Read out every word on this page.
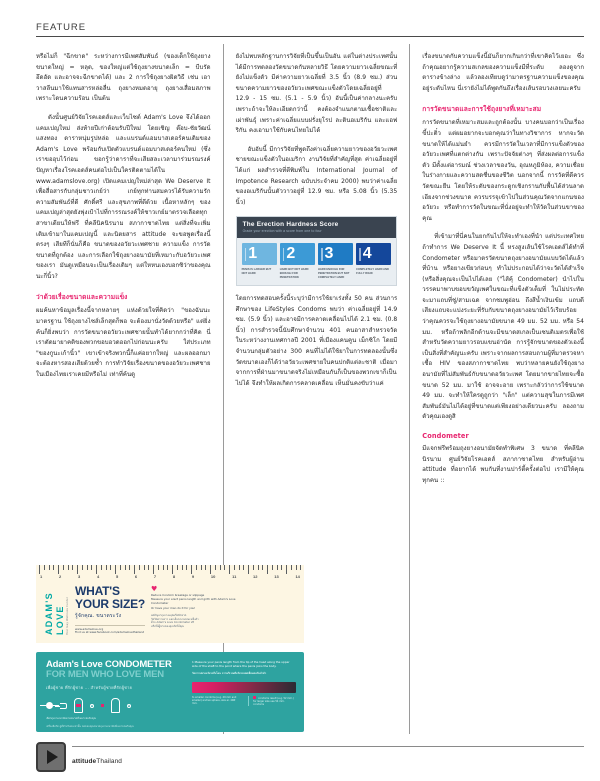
FEATURE

หรือไม่ก็ "ฉีกขาด" ระหว่างการมีเพศสัมพันธ์ (ของเด็กใช้ถุงยางขนาดใหญ่ = หลุด, ของใหญ่แต่ใช้ถุงยางขนาดเล็ก = บีบรัด อึดอัด และอาจจะฉีกขาดได้) และ 2 การใช้ถุงยางผิดวิธี เช่น เอาวาสลีนมาใช้แทนสารหล่อลื่น ถุงยางหมดอายุ ถุงยางเสื่อมสภาพเพราะโดนความร้อน เป็นต้น

ดังนั้นศูนย์วิจัยโรคเอดส์และเว็บไซต์ Adam's Love จึงได้ออกแคมเปญใหม่ ส่งท้ายปีเก่าต้อนรับปีใหม่ โดยเชิญ ต๊อบ-ชัยวัฒน์ แสงทอง ดาราหนุ่มรูปหล่อ และแบรนด์แอมบาสเดอร์คนเดิมของ Adam's Love พร้อมกับเปิดตัวแบรนด์แอมบาสเดอร์คนใหม่ (ซึ่งเราขออุบไว้ก่อน ขอกรู้ว่าดาราที่จะเสียสละเวลามาร่วมรณรงค์ปัญหาเรื่องโรคเอดส์คนต่อไปเป็นใครติดตามได้ใน www.adamslove.org) เปิดแคมเปญใหม่ล่าสุด We Deserve It เพื่อสื่อสารกับกลุ่มชาวเกย์ว่า เกย์ทุกท่านสมควรได้รับความรัก ความสัมพันธ์ที่ดี ศักดิ์ศรี และสุขภาพที่ดีด้วย เนื้อหาหลักๆ ของแคมเปญล่าสุดยังพุ่งเป้าไปที่การรณรงค์ให้ชาวเกย์มาตรวจเลือดทุกสาขาเดียนให้ฟรี ที่คลีนิคนิรนาม สภากาชาดไทย แต่สิ่งที่จะเพิ่มเติมเข้ามาในแคมเปญนี้ และนิตยสาร attitude จะขอพูดเรื่องนี้ตรงๆ เสียทีก็นั่นก็คือ ขนาดของอวัยวะเพศชาย ความแข็ง การวัดขนาดที่ถูกต้อง และการเลือกใช้ถุงยางอนามัยที่เหมาะกับอวัยวะเพศของเรา มันดูเหมือนจะเป็นเรื่องเดิมๆ แต่ใหหนเองบอกซิว่าของคุณนะกี่นิ้ว?

ว่าด้วยเรื่องขนาดและความแข็ง

ผมค้นหาข้อมูลเรื่องนี้จากหลายๆ แห่งด้วยใจที่คิดว่า "ของฉันนะมาตรฐาน ใช้ถุงยางไซส์เล็กสุดก็พอ จะต้องมานั่งวัดด้วยหรือ" แต่ยิ่งค้นก็ยิ่งพบว่า การวัดขนาดอวัยวะเพศชายนั้นทำได้ยากกว่าที่คิด นี่เราตัดมายาคติของพวกขอบอวดออกไปก่อนนะครับ ใส่ประเภท "ของกูนะเก้านิ้ว" เขาเข้าจริงพวกนี้ก็แค่อยากใหญ่ และผลออกมาจะต้องหารสองเสียด้วยซ้ำ การทำวิจัยเรื่องขนาดของอวัยวะเพศชายในเมืองไทยเราเคยมีหรือไม่ เท่าที่ค้นดู

ยังไม่พบหลักฐานการวิจัยที่เป็นขึ้นเป็นอัน แต่ในต่างประเทศนั้น ได้มีการทดลองวัดขนาดกันหลายวิธี โดยความยาวเฉลี่ยขณะที่ยังไม่แข็งตัว มีค่าความยาวเฉลี่ยที่ 3.5 นิ้ว (8.9 ซม.) ส่วนขนาดความยาวของอวัยวะเพศขณะแข็งตัวโดยเฉลี่ยอยู่ที่ 12.9 - 15 ซม. (5.1 - 5.9 นิ้ว) อันนี้เป็นค่ากลางนะครับ เพราะถ้าจะให้ละเอียดกว่านี้ คงต้องจำแนกตามเชื้อชาติและเผ่าพันธุ์ เพราะค่าเฉลี่ยแบบฝรั่งยุโรป ละตินอเมริกัน และแอฟริกัน คงเอามาใช้กับคนไทยไม่ได้

อับอับนี้ มีการวิจัยที่พูดถึงค่าเฉลี่ยความยาวของอวัยวะเพศชายขณะแข็งตัวในอเมริกา งานวิจัยที่สำคัญที่สุด ค่าเฉลี่ยอยู่ที่ได้แก่ ผลสำรวจที่ตีพิมพ์ใน International Journal of Impotence Research ฉบับประจำคม 2000) พบว่าค่าเฉลี่ยของอเมริกันนั้นตัววาวอยู่ที่ 12.9 ซม. หรือ 5.08 นิ้ว (5.35 นิ้ว)

The Erection Hardness Score
Grade your erection with a score from one to four
1
PENIS IS LARGER BUT NOT HARD
2
HARD BUT NOT HARD ENOUGH FOR PENETRATION
3
HARD ENOUGH FOR PENETRATION BUT NOT COMPLETELY HARD
4
COMPLETELY HARD AND FULLY RIGID

โดยการทดสอบครั้งนี้ระบุว่ามีการใช้ยาเร่งทั้ง 50 คน ส่วนการศึกษาของ LifeStyles Condoms พบว่า ค่าเฉลี่ยอยู่ที่ 14.9 ซม. (5.9 นิ้ว) และอาจมีการคลาดเคลื่อนไปได้ 2.1 ซม. (0.8 นิ้ว) การสำรวจนี้นับศึกษาจำนวน 401 คนอาสาสำหรวจวัด ในระหว่างงานเทศกาลปี 2001 ที่เมืองแคนคูน เม็กซิโก โดยมีจำนวนกลุ่มตัวอย่าง 300 คนที่ไม่ได้ใช้ยาในการทดลองนั้นซึ่ง วัดขนาดเองก็ได้ว่าอวัยวะเพศชายในคนปกติแต่ละชาติ เมื่อมาจากการที่ฝ่านมาขนาดจริงไม่เหมือนกันก็เป็นของพวกเขาก็เป็นไปได้ จึงทำให้ผลเกิดการคลาดเคลื่อน เห็นมั่นคงขับว่าแค่

เรื่องขนาดกับความแข็งนี้มันก็ยากเกินกว่าที่เขาคิดไว้เยอะ ซึ่งถ้าคุณอยากรู้ความสเกลของความแข็งมีที่ระดับ ลองดูจากตารางข้างล่าง แล้วลองเทียบดูว่ามาตรฐานความแข็งของคุณอยู่ระดับไหน นี่เรายังไม่ได้พูดกันถึงเรื่องเส้นรอบวงเลยนะครับ

การวัดขนาดและการใช้ถุงยางที่เหมาะสม

การวัดขนาดที่เหมาะสมและถูกต้องนั้น บางคนบอกว่าเป็นเรื่องขี้ปะติ๋ว แต่ผมอยากจะบอกคุณว่าในทางวิชาการ หากจะวัดขนาดให้ได้แม่นยำ ควรมีการวัดในเวลาที่มีการแข็งตัวของอวัยวะเพศที่แตกต่างกัน เพราะปัจจัยต่างๆ ที่ส่งผลต่อการแข็งตัว มีตั้งแต่อารมณ์ ช่วงเวลาของวัน, อุณหภูมิห้อง, ความเชื่อยในร่างกายและความสดชื่นของชีวิต นอกจากนี้ การวัดที่ดีควรวัดขณะยืน โดยให้ระดับของกระดูกเชิงกรานกับพื้นได้ส่วนลาดเอียงจากช่วงขนาด ควรบรรจุเข้าไปในส่วนคุณวัดจากแกนของอวัยวะ หรือทำการวัดในขณะที่นั่งอยู่จะทำให้วัดในส่วนขาของคุณ

ที่เข้ามาที่นี่คนในยกกันไปให้จะทำเองที่นำ แต่ประเทศไทย ถ้าทำการ We Deserve It นี้ หรงสูงเส้นใช้โรคเอดส์ได้ทำที่ Condometer หรือมาตรวัดขนาดถุงยางอนามัยแบบวัดได้แล้วที่บ้าน หรือยางเขียวก่อนๆ ทำไม่ประกอบได้ว่าจะวัดได้สำเร็จ (หรือสิ่งคุณจะเป็นไปได้เลย ("ไส้คุ้ Condometer) นำไปในวรรคมาพาบขอบขวัญเพศในขณะที่แข็งตัวเต็มที่ ในไม่ประทัดจะมาแถบที่ชู่/สามเฉด จากชมพูอ่อน ถึงสีน้ำเงินเข้ม แถบดีเสียงแถบจะแบ่งระยะที่รับกับขนาดถุงยางอนามัยไว้เรียบร้อย ว่าคุณควรจะใช้ถุงยางอนามัยขนาด 49 มม. 52 มม. หรือ 54 มม. หรือถ้าพลิกอีกด้านจะมีขนาดสเกลเป็นเซนติเมตรเพื่อใช้สำหรับวัดความยาวรอบแขนอ่านัด การรู้จักขนาดของตัวเองนี้ เป็นสิ่งที่สำคัญนะครับ เพราะจากผลการสอบถามผู้ที่มาตรวจหาเชื้อ HIV ของสภากาชาดไทย พบว่าหลายคนยังใช้ถุงยางอนามัยที่ไม่สัมพันธ์กับขนาดอวัยวะเพศ โดยมากขายไทยจะซื้อขนาด 52 มม. มาใช้ อาจจะอาย เพราะกลัวว่าการใช้ขนาด 49 มม. จะทำให้ใครดูถูกว่า "เล็ก" แต่ความสุขในการมีเพศสัมพันธ์มันไม่ได้อยู่ที่ขนาดแต่เพียงอย่างเดียวนะครับ ลองถามตัวคุณเองดูสิ

Condometer

มีแจกฟรีพร้อมถุงยางอนามัยจัดทำพิเศษ 3 ขนาด ที่คลีนิคนิรนาม ศูนย์วิจัยโรคเอดส์ สภากาชาดไทย สำหรับผู้อ่าน attitude ที่อยากได้ พบกันที่งานปาร์ตี้ครั้งต่อไป เรามีให้คุณทุกคน ::

1	2	3	4	5	6	7	8	9	10	11	12	13	14
ADAM'S LOVE Your Gay Wellness Center
WHAT'S
YOUR SIZE?
รู้จักคุณ. ขนาดระวัง
www.adamslove.org
Find us at www.facebook.com/adamslovethailand
♥
Reduce Condom breakage or slippage
Measure your erect penis length and girth with Adam's Love Condometer
Or have your man do it for you!
ลดปัญหาถุงยางหลุดหรือฉีกขาด
วัดวัดความยาว และเส้นรอบวงขณะแข็งตัว
ด้วย Adam's Love Condometer ฟรี
หรือให้ผู้ชายของคุณวัดให้คุณ
Adam's Love CONDOMETER
FOR MEN WHO LOVE MEN
เพื่อผู้ชาย ที่รักผู้ชาย ... สำหรับผู้ชายที่รักผู้ชาย
1	2
เลือกถุงยางอนามัยตามขนาดที่เหมาะสมกับคุณ
เครื่องมือวัด ดูที่สำหรับคนเท่านั้น ขอขอบคุณขนาดถุงยางอนามัยที่เหมาะสมกับคุณ
1 Measure your penis length from the tip of the head along the upper side of the shaft to the point where the penis joins the body.
วัดจากปลายอวัยวะถึงโคน จากบริเวณที่อวัยวะเพศเชื่อมต่อกับลำตัว
to smaller condoms (e.g. 49 mm and smaller) andrex sphere, size ar. 49Ø mm.
condoms result (e.g. 52 mm.) for larger size use 54 mm. condoms
attitudeThailand
